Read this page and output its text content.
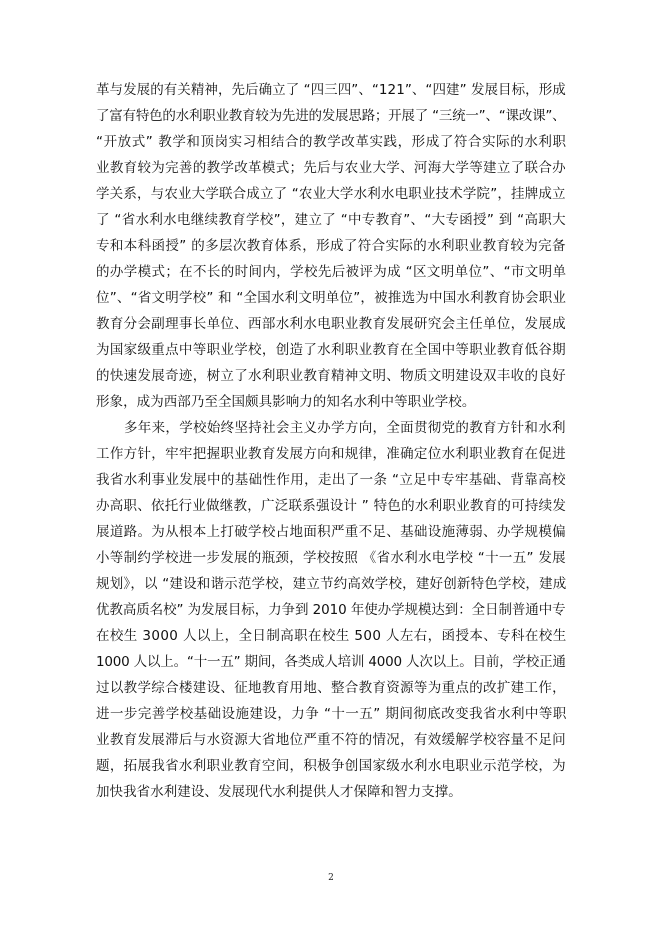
革与发展的有关精神，先后确立了 “四三四”、“121”、“四建” 发展目标，形成
了富有特色的水利职业教育较为先进的发展思路；开展了 “三统一”、“课改课”、
“开放式” 教学和顶岗实习相结合的教学改革实践，形成了符合实际的水利职
业教育较为完善的教学改革模式；先后与农业大学、河海大学等建立了联合办
学关系，与农业大学联合成立了 “农业大学水利水电职业技术学院”，挂牌成立
了 “省水利水电继续教育学校”，建立了 “中专教育”、“大专函授” 到 “高职大
专和本科函授” 的多层次教育体系，形成了符合实际的水利职业教育较为完备
的办学模式；在不长的时间内，学校先后被评为成 “区文明单位”、“市文明单
位”、“省文明学校” 和 “全国水利文明单位”，被推选为中国水利教育协会职业
教育分会副理事长单位、西部水利水电职业教育发展研究会主任单位，发展成
为国家级重点中等职业学校，创造了水利职业教育在全国中等职业教育低谷期
的快速发展奇迹，树立了水利职业教育精神文明、物质文明建设双丰收的良好
形象，成为西部乃至全国颇具影响力的知名水利中等职业学校。
多年来，学校始终坚持社会主义办学方向，全面贯彻党的教育方针和水利
工作方针，牢牢把握职业教育发展方向和规律，准确定位水利职业教育在促进
我省水利事业发展中的基础性作用，走出了一条 “立足中专牢基础、背靠高校
办高职、依托行业做继教，广泛联系强设计 ” 特色的水利职业教育的可持续发
展道路。为从根本上打破学校占地面积严重不足、基础设施薄弱、办学规模偏
小等制约学校进一步发展的瓶颈，学校按照 《省水利水电学校 “十一五” 发展
规划》，以 “建设和谐示范学校，建立节约高效学校，建好创新特色学校，建成
优教高质名校” 为发展目标，力争到 2010 年使办学规模达到：全日制普通中专
在校生 3000 人以上，全日制高职在校生 500 人左右，函授本、专科在校生
1000 人以上。“十一五” 期间，各类成人培训 4000 人次以上。目前，学校正通
过以教学综合楼建设、征地教育用地、整合教育资源等为重点的改扩建工作，
进一步完善学校基础设施建设，力争 “十一五” 期间彻底改变我省水利中等职
业教育发展滞后与水资源大省地位严重不符的情况，有效缓解学校容量不足问
题，拓展我省水利职业教育空间，积极争创国家级水利水电职业示范学校，为
加快我省水利建设、发展现代水利提供人才保障和智力支撑。
2
